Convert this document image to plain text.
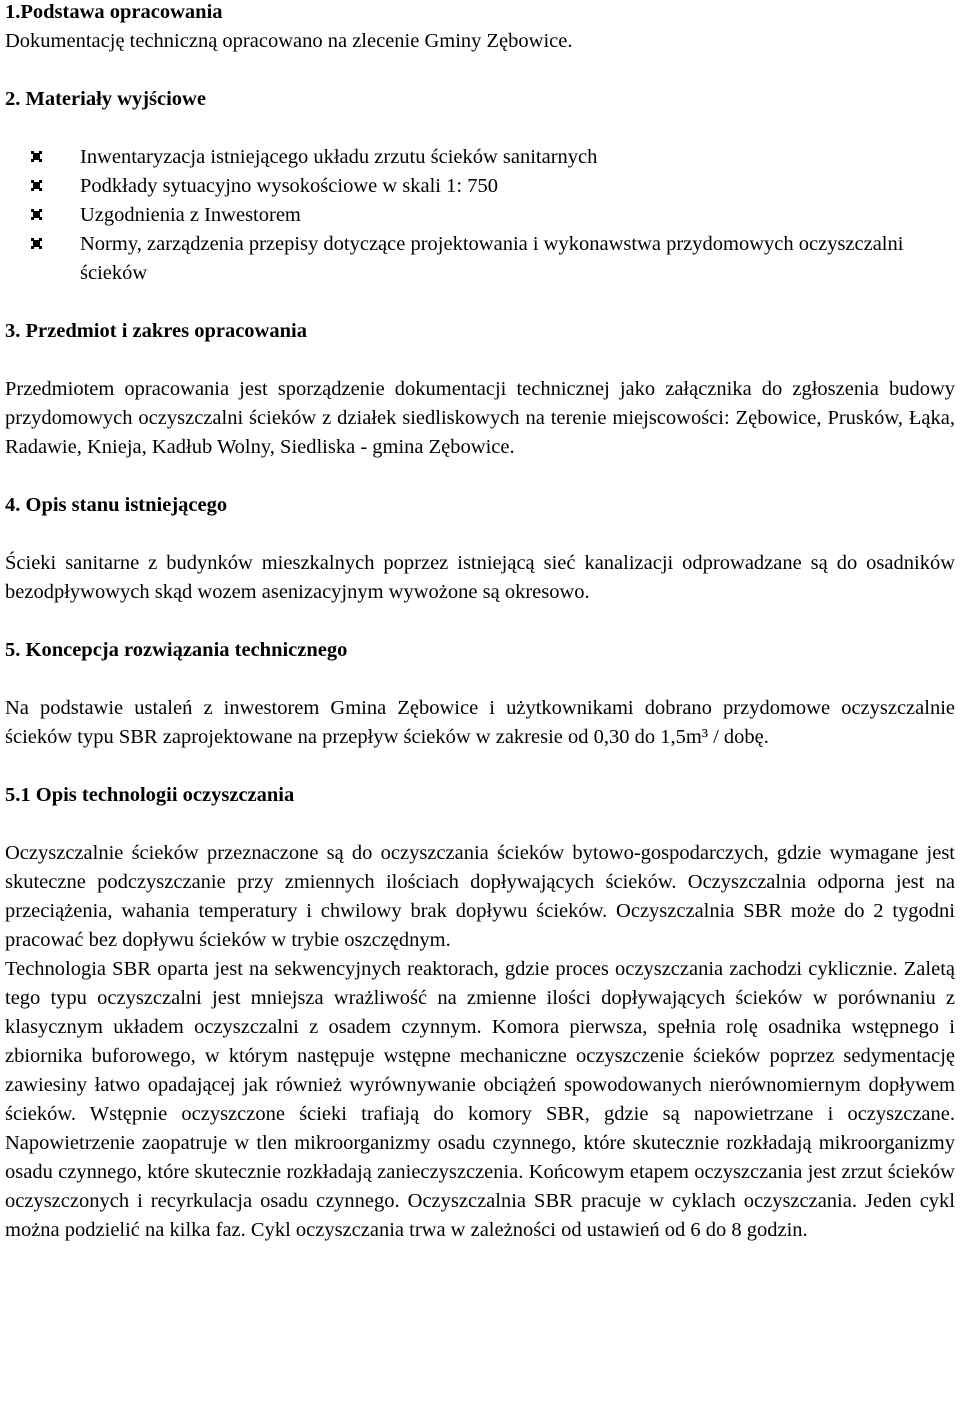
1.Podstawa opracowania

Dokumentację techniczną opracowano na zlecenie Gminy Zębowice.

2. Materiały wyjściowe

Inwentaryzacja istniejącego układu zrzutu ścieków sanitarnych
Podkłady sytuacyjno wysokościowe w skali 1: 750
Uzgodnienia z Inwestorem
Normy, zarządzenia przepisy dotyczące projektowania i wykonawstwa przydomowych oczyszczalni ścieków

3. Przedmiot i zakres opracowania

Przedmiotem opracowania jest sporządzenie dokumentacji technicznej jako załącznika do zgłoszenia budowy przydomowych oczyszczalni ścieków z działek siedliskowych na terenie miejscowości: Zębowice, Prusków, Łąka, Radawie, Knieja, Kadłub Wolny, Siedliska - gmina Zębowice.

4. Opis stanu istniejącego

Ścieki sanitarne z budynków mieszkalnych poprzez istniejącą sieć kanalizacji odprowadzane są do osadników bezodpływowych skąd wozem asenizacyjnym wywożone są okresowo.

5. Koncepcja rozwiązania technicznego

Na podstawie ustaleń z inwestorem Gmina Zębowice i użytkownikami dobrano przydomowe oczyszczalnie ścieków typu SBR zaprojektowane na przepływ ścieków w zakresie od 0,30 do 1,5m³ / dobę.

5.1 Opis technologii oczyszczania

Oczyszczalnie ścieków przeznaczone są do oczyszczania ścieków bytowo-gospodarczych, gdzie wymagane jest skuteczne podczyszczanie przy zmiennych ilościach dopływających ścieków. Oczyszczalnia odporna jest na przeciążenia, wahania temperatury i chwilowy brak dopływu ścieków. Oczyszczalnia SBR może do 2 tygodni pracować bez dopływu ścieków w trybie oszczędnym.

Technologia SBR oparta jest na sekwencyjnych reaktorach, gdzie proces oczyszczania zachodzi cyklicznie. Zaletą tego typu oczyszczalni jest mniejsza wrażliwość na zmienne ilości dopływających ścieków w porównaniu z klasycznym układem oczyszczalni z osadem czynnym. Komora pierwsza, spełnia rolę osadnika wstępnego i zbiornika buforowego, w którym następuje wstępne mechaniczne oczyszczenie ścieków poprzez sedymentację zawiesiny łatwo opadającej jak również wyrównywanie obciążeń spowodowanych nierównomiernym dopływem ścieków. Wstępnie oczyszczone ścieki trafiają do komory SBR, gdzie są napowietrzane i oczyszczane. Napowietrzenie zaopatruje w tlen mikroorganizmy osadu czynnego, które skutecznie rozkładają mikroorganizmy osadu czynnego, które skutecznie rozkładają zanieczyszczenia. Końcowym etapem oczyszczania jest zrzut ścieków oczyszczonych i recyrkulacja osadu czynnego. Oczyszczalnia SBR pracuje w cyklach oczyszczania. Jeden cykl można podzielić na kilka faz. Cykl oczyszczania trwa w zależności od ustawień od 6 do 8 godzin.
